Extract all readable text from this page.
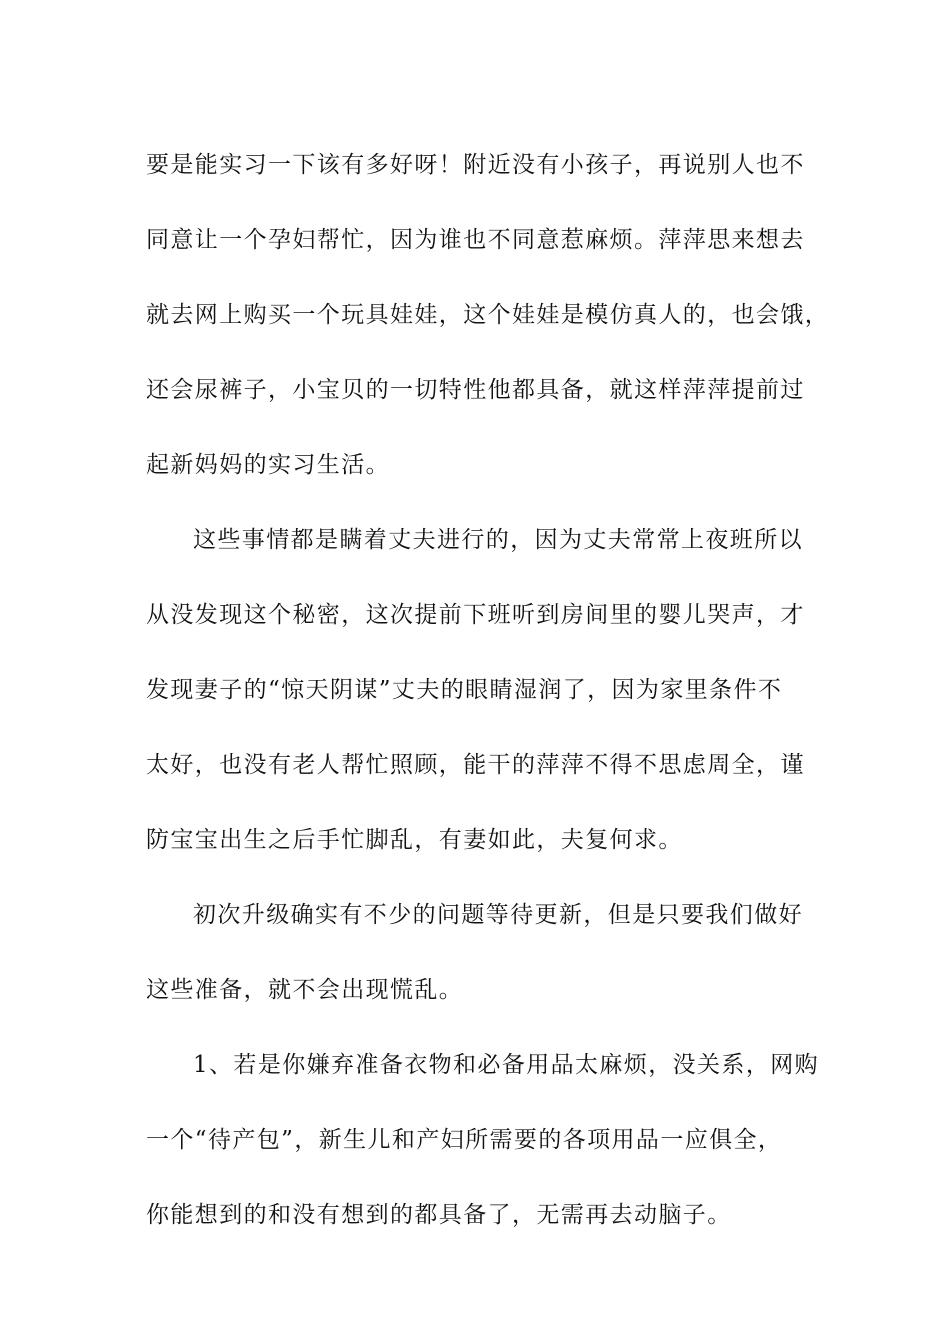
要是能实习一下该有多好呀！附近没有小孩子，再说别人也不
同意让一个孕妇帮忙，因为谁也不同意惹麻烦。萍萍思来想去
就去网上购买一个玩具娃娃，这个娃娃是模仿真人的，也会饿，
还会尿裤子，小宝贝的一切特性他都具备，就这样萍萍提前过
起新妈妈的实习生活。
这些事情都是瞒着丈夫进行的，因为丈夫常常上夜班所以
从没发现这个秘密，这次提前下班听到房间里的婴儿哭声，才
发现妻子的“惊天阴谋”丈夫的眼睛湿润了，因为家里条件不
太好，也没有老人帮忙照顾，能干的萍萍不得不思虑周全，谨
防宝宝出生之后手忙脚乱，有妻如此，夫复何求。
初次升级确实有不少的问题等待更新，但是只要我们做好
这些准备，就不会出现慌乱。
1、若是你嫌弃准备衣物和必备用品太麻烦，没关系，网购
一个“待产包”，新生儿和产妇所需要的各项用品一应俱全，
你能想到的和没有想到的都具备了，无需再去动脑子。
